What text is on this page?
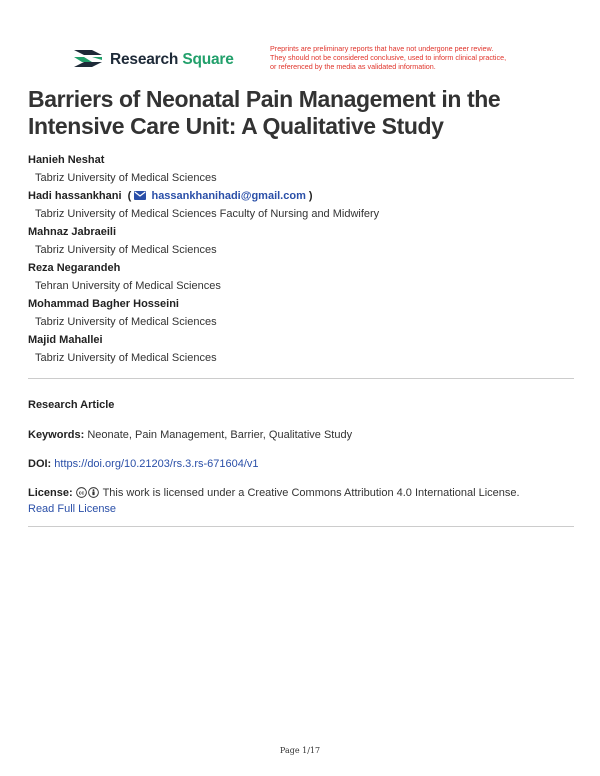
Research Square
Preprints are preliminary reports that have not undergone peer review.
They should not be considered conclusive, used to inform clinical practice,
or referenced by the media as validated information.
Barriers of Neonatal Pain Management in the Intensive Care Unit: A Qualitative Study
Hanieh Neshat
Tabriz University of Medical Sciences
Hadi hassankhani  ( hassankhanihadi@gmail.com )
Tabriz University of Medical Sciences Faculty of Nursing and Midwifery
Mahnaz Jabraeili
Tabriz University of Medical Sciences
Reza Negarandeh
Tehran University of Medical Sciences
Mohammad Bagher Hosseini
Tabriz University of Medical Sciences
Majid Mahallei
Tabriz University of Medical Sciences
Research Article
Keywords: Neonate, Pain Management, Barrier, Qualitative Study
DOI: https://doi.org/10.21203/rs.3.rs-671604/v1
License: cc This work is licensed under a Creative Commons Attribution 4.0 International License.
Read Full License
Page 1/17
